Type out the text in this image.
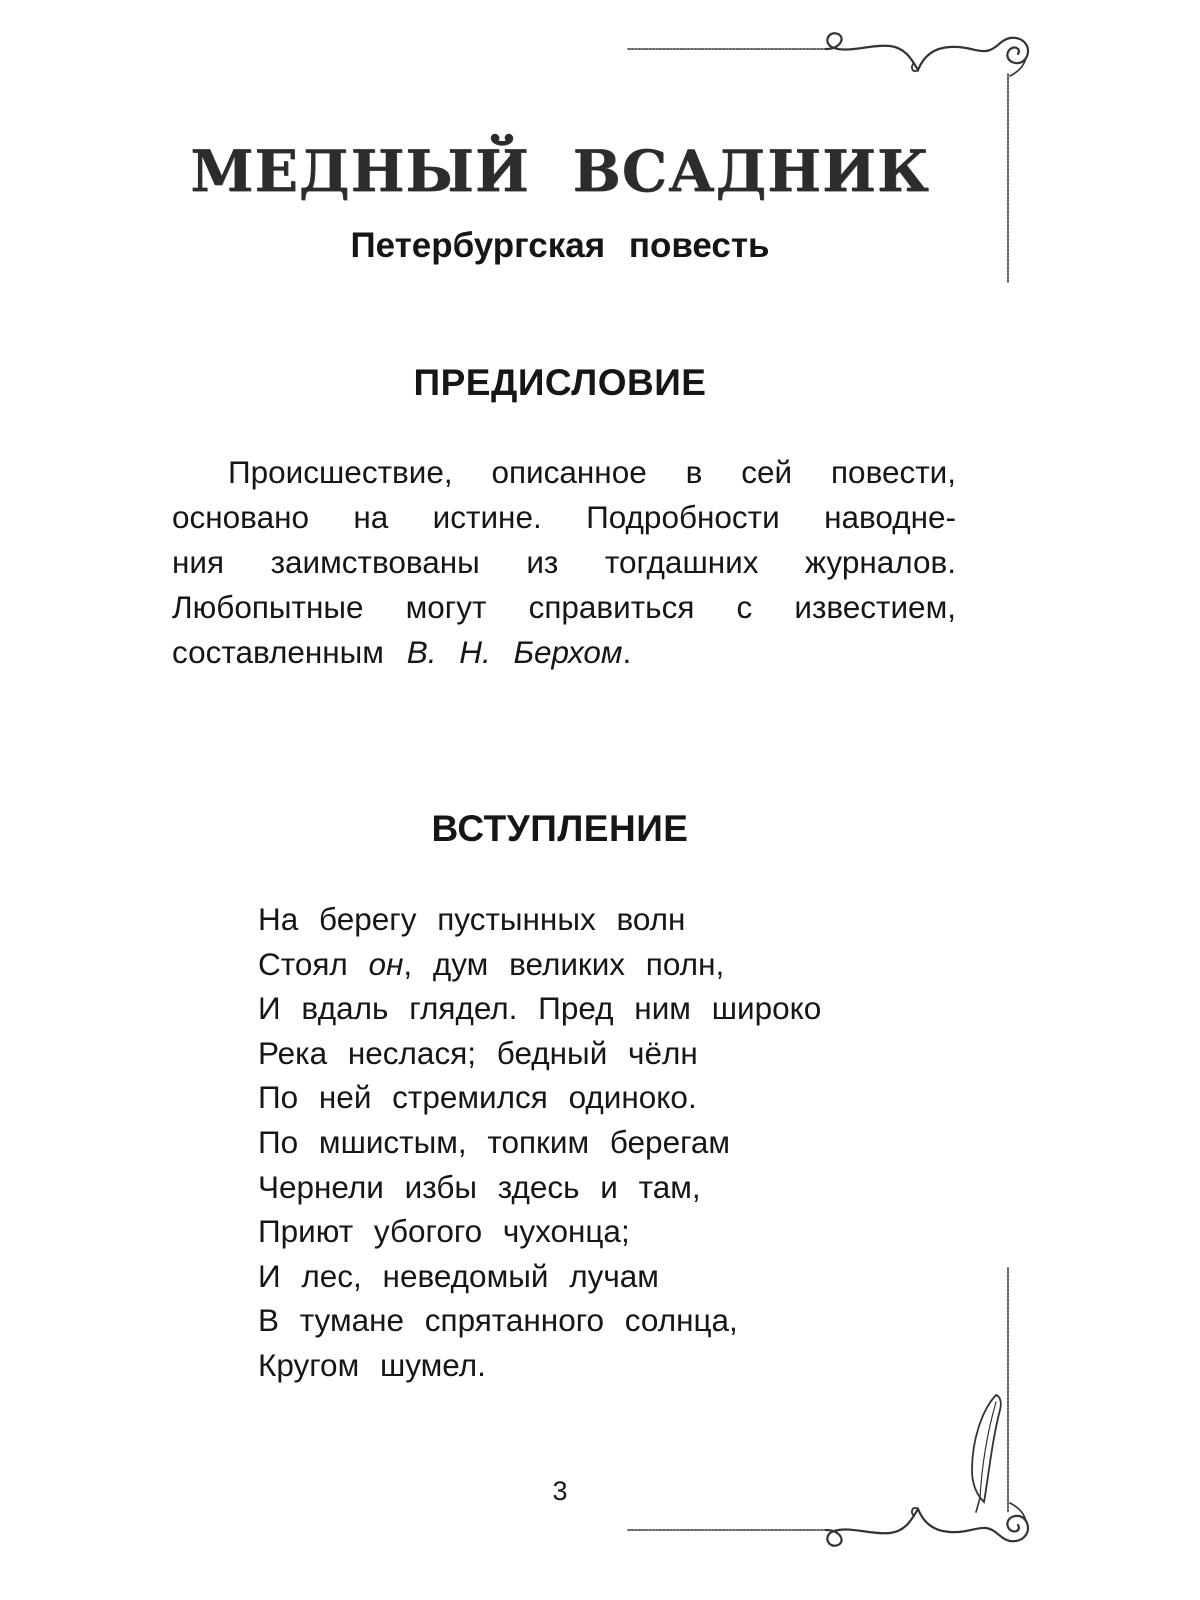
МЕДНЫЙ ВСАДНИК
Петербургская повесть
ПРЕДИСЛОВИЕ
Происшествие, описанное в сей повести,
основано на истине. Подробности наводне-
ния заимствованы из тогдашних журналов.
Любопытные могут справиться с известием,
составленным В. Н. Берхом.
ВСТУПЛЕНИЕ
На берегу пустынных волн
Стоял он, дум великих полн,
И вдаль глядел. Пред ним широко
Река неслася; бедный чёлн
По ней стремился одиноко.
По мшистым, топким берегам
Чернели избы здесь и там,
Приют убогого чухонца;
И лес, неведомый лучам
В тумане спрятанного солнца,
Кругом шумел.
3
